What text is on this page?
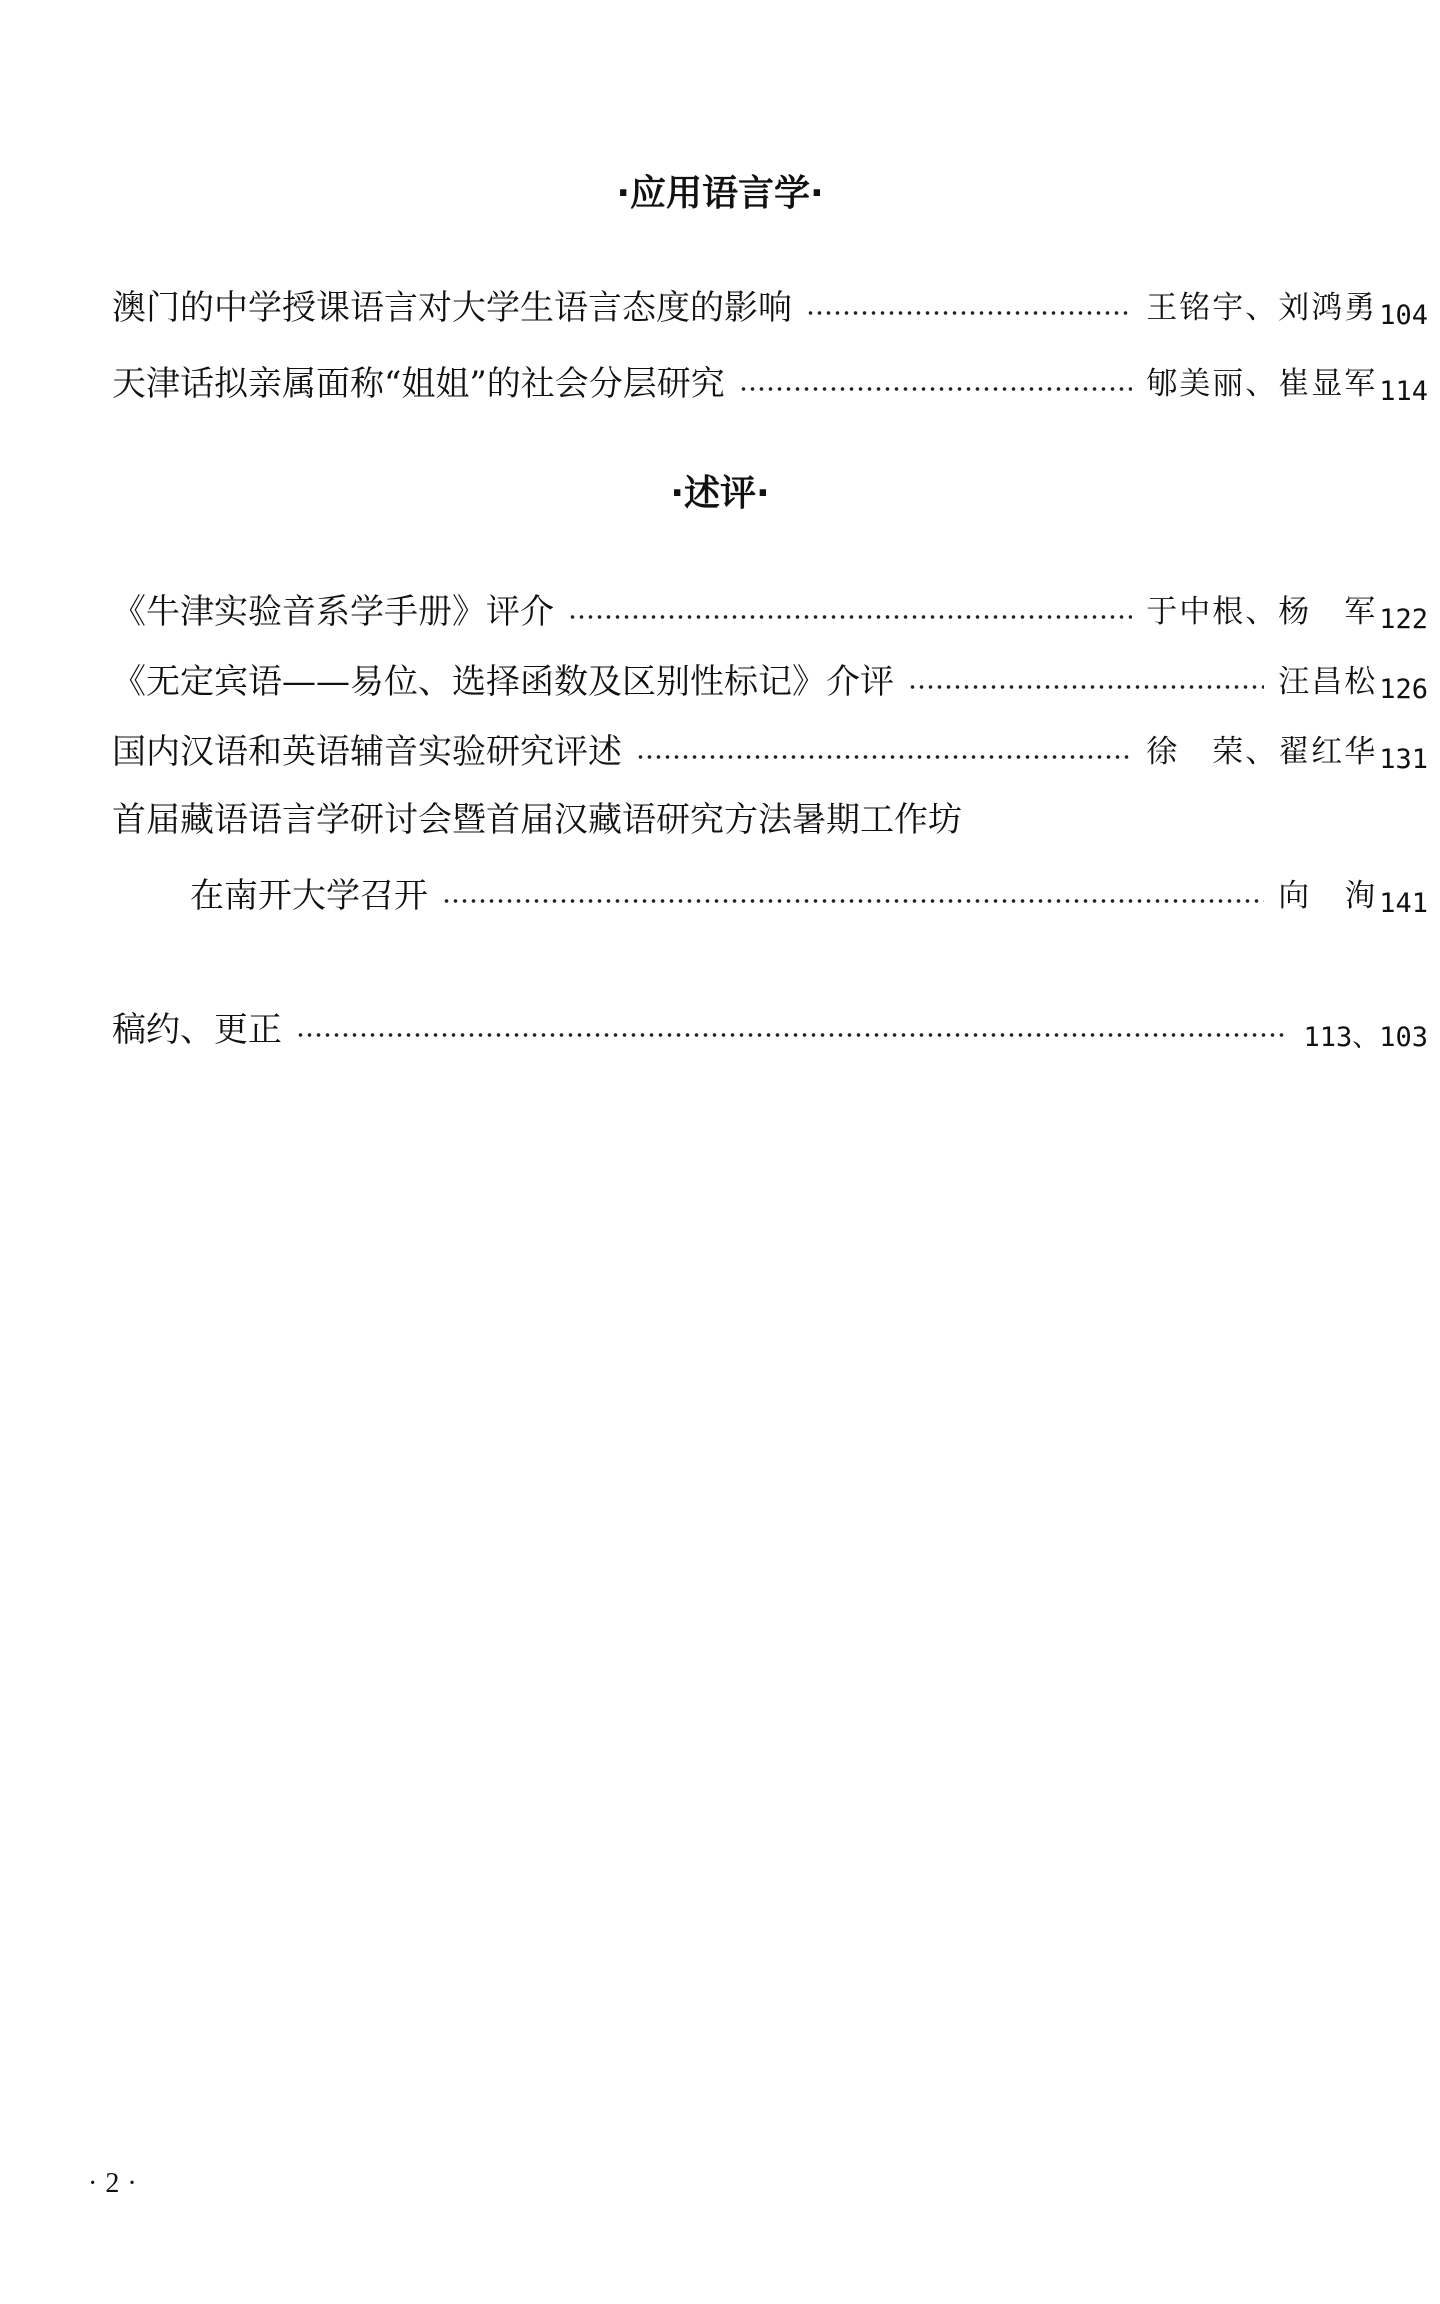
·应用语言学·
澳门的中学授课语言对大学生语言态度的影响	王铭宇、刘鸿勇 104
天津话拟亲属面称“姐姐”的社会分层研究	郇美丽、崔显军 114
·述评·
《牛津实验音系学手册》评介	于中根、杨　军 122
《无定宾语——易位、选择函数及区别性标记》介评	汪昌松 126
国内汉语和英语辅音实验研究评述	徐　荣、翟红华 131
首届藏语语言学研讨会暨首届汉藏语研究方法暑期工作坊
在南开大学召开	向　洵 141
稿约、更正	113、103
·2·
